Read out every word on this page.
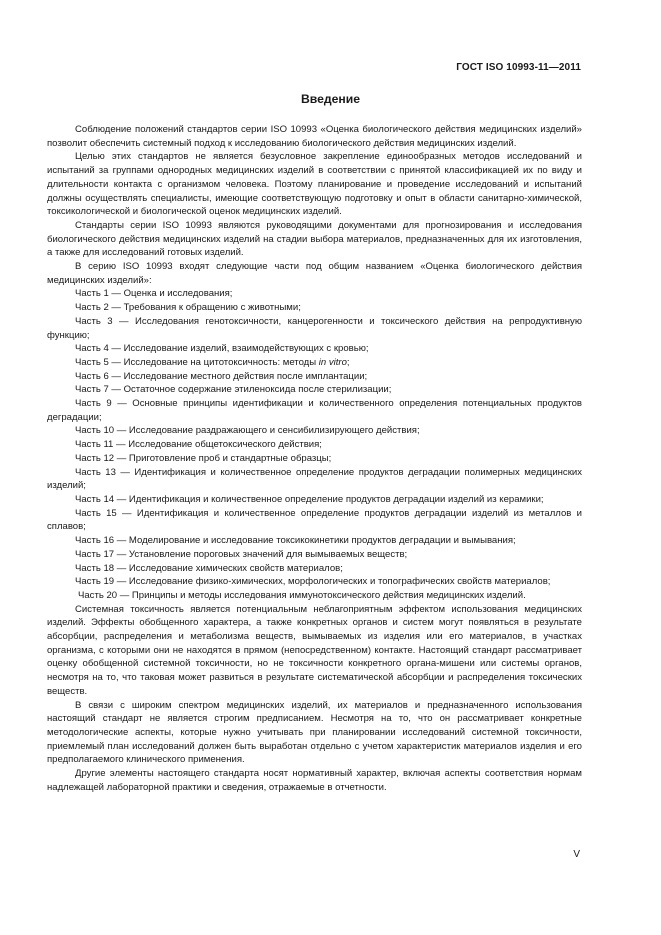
ГОСТ ISO 10993-11—2011
Введение

Соблюдение положений стандартов серии ISO 10993 «Оценка биологического действия медицинских изделий» позволит обеспечить системный подход к исследованию биологического действия медицинских изделий.

Целью этих стандартов не является безусловное закрепление единообразных методов исследований и испытаний за группами однородных медицинских изделий в соответствии с принятой классификацией их по виду и длительности контакта с организмом человека. Поэтому планирование и проведение исследований и испытаний должны осуществлять специалисты, имеющие соответствующую подготовку и опыт в области санитарно-химической, токсикологической и биологической оценок медицинских изделий.

Стандарты серии ISO 10993 являются руководящими документами для прогнозирования и исследования биологического действия медицинских изделий на стадии выбора материалов, предназначенных для их изготовления, а также для исследований готовых изделий.

В серию ISO 10993 входят следующие части под общим названием «Оценка биологического действия медицинских изделий»:

Часть 1 — Оценка и исследования;

Часть 2 — Требования к обращению с животными;

Часть 3 — Исследования генотоксичности, канцерогенности и токсического действия на репродуктивную функцию;

Часть 4 — Исследование изделий, взаимодействующих с кровью;

Часть 5 — Исследование на цитотоксичность: методы in vitro;

Часть 6 — Исследование местного действия после имплантации;

Часть 7 — Остаточное содержание этиленоксида после стерилизации;

Часть 9 — Основные принципы идентификации и количественного определения потенциальных продуктов деградации;

Часть 10 — Исследование раздражающего и сенсибилизирующего действия;

Часть 11 — Исследование общетоксического действия;

Часть 12 — Приготовление проб и стандартные образцы;

Часть 13 — Идентификация и количественное определение продуктов деградации полимерных медицинских изделий;

Часть 14 — Идентификация и количественное определение продуктов деградации изделий из керамики;

Часть 15 — Идентификация и количественное определение продуктов деградации изделий из металлов и сплавов;

Часть 16 — Моделирование и исследование токсикокинетики продуктов деградации и вымывания;

Часть 17 — Установление пороговых значений для вымываемых веществ;

Часть 18 — Исследование химических свойств материалов;

Часть 19 — Исследование физико-химических, морфологических и топографических свойств материалов;

Часть 20 — Принципы и методы исследования иммунотоксического действия медицинских изделий.

Системная токсичность является потенциальным неблагоприятным эффектом использования медицинских изделий. Эффекты обобщенного характера, а также конкретных органов и систем могут появляться в результате абсорбции, распределения и метаболизма веществ, вымываемых из изделия или его материалов, в участках организма, с которыми они не находятся в прямом (непосредственном) контакте. Настоящий стандарт рассматривает оценку обобщенной системной токсичности, но не токсичности конкретного органа-мишени или системы органов, несмотря на то, что таковая может развиться в результате систематической абсорбции и распределения токсических веществ.

В связи с широким спектром медицинских изделий, их материалов и предназначенного использования настоящий стандарт не является строгим предписанием. Несмотря на то, что он рассматривает конкретные методологические аспекты, которые нужно учитывать при планировании исследований системной токсичности, приемлемый план исследований должен быть выработан отдельно с учетом характеристик материалов изделия и его предполагаемого клинического применения.

Другие элементы настоящего стандарта носят нормативный характер, включая аспекты соответствия нормам надлежащей лабораторной практики и сведения, отражаемые в отчетности.

V
